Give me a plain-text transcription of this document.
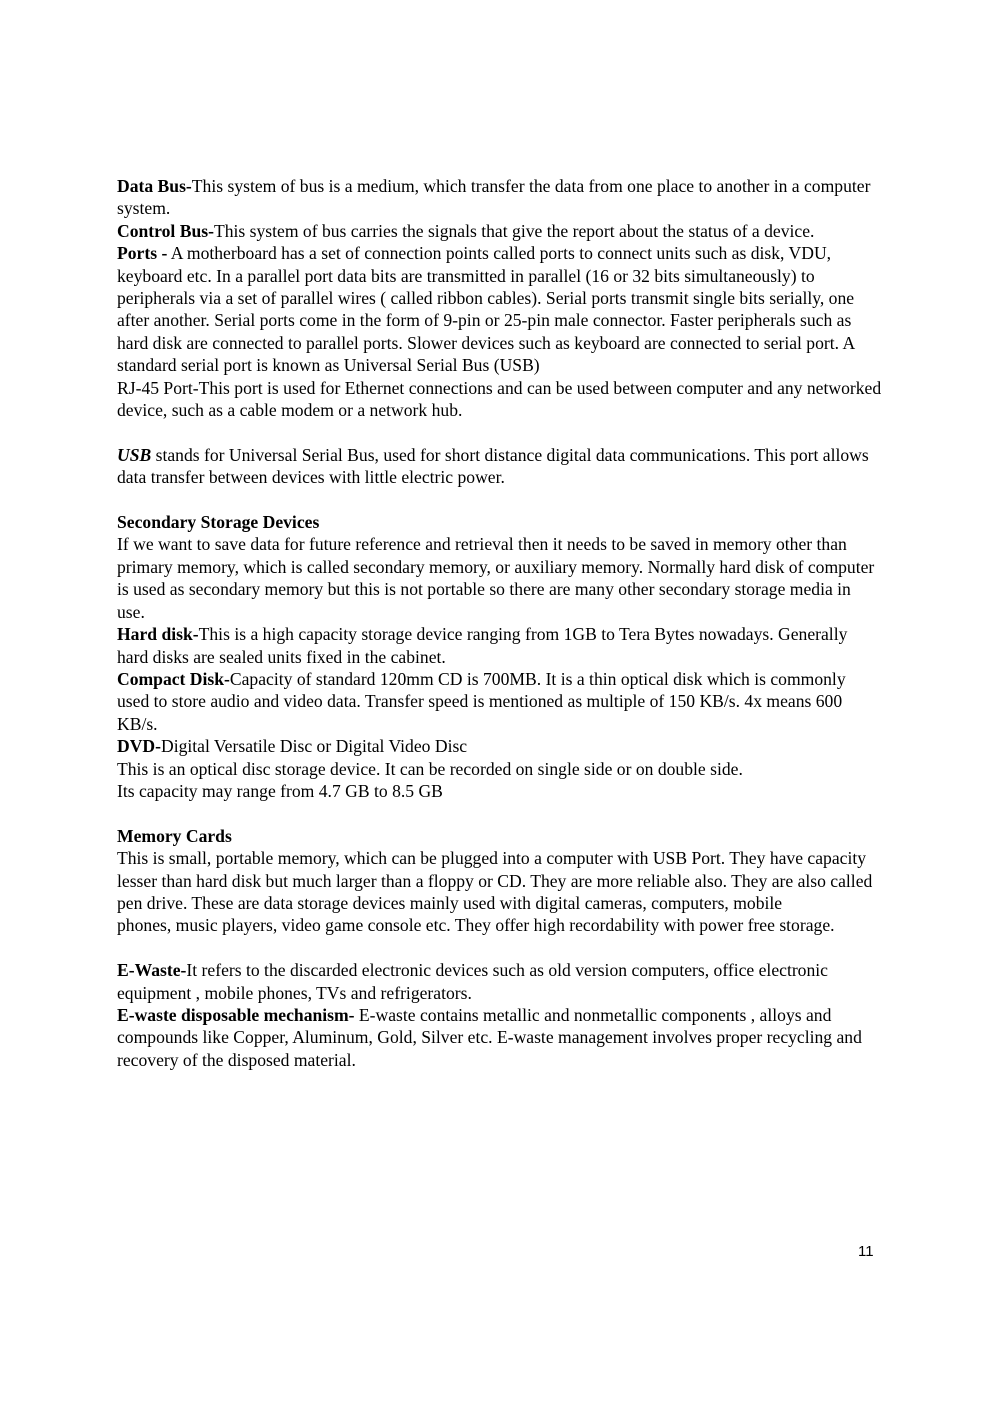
Data Bus-This system of bus is a medium, which transfer the data from one place to another in a computer system.

Control Bus-This system of bus carries the signals that give the report about the status of a device.

Ports - A motherboard has a set of connection points called ports to connect units such as disk, VDU, keyboard etc. In a parallel port data bits are transmitted in parallel (16 or 32 bits simultaneously) to peripherals via a set of parallel wires ( called ribbon cables). Serial ports transmit single bits serially, one after another. Serial ports come in the form of 9-pin or 25-pin male connector. Faster peripherals such as hard disk are connected to parallel ports. Slower devices such as keyboard are connected to serial port. A standard serial port is known as Universal Serial Bus (USB)

RJ-45 Port-This port is used for Ethernet connections and can be used between computer and any networked device, such as a cable modem or a network hub.

USB stands for Universal Serial Bus, used for short distance digital data communications. This port allows data transfer between devices with little electric power.

Secondary Storage Devices

If we want to save data for future reference and retrieval then it needs to be saved in memory other than primary memory, which is called secondary memory, or auxiliary memory. Normally hard disk of computer is used as secondary memory but this is not portable so there are many other secondary storage media in use.

Hard disk-This is a high capacity storage device ranging from 1GB to Tera Bytes nowadays. Generally hard disks are sealed units fixed in the cabinet.

Compact Disk-Capacity of standard 120mm CD is 700MB. It is a thin optical disk which is commonly used to store audio and video data. Transfer speed is mentioned as multiple of 150 KB/s. 4x means 600 KB/s.

DVD-Digital Versatile Disc or Digital Video Disc

This is an optical disc storage device. It can be recorded on single side or on double side.

Its capacity may range from 4.7 GB to 8.5 GB

Memory Cards

This is small, portable memory, which can be plugged into a computer with USB Port. They have capacity lesser than hard disk but much larger than a floppy or CD. They are more reliable also. They are also called pen drive. These are data storage devices mainly used with digital cameras, computers, mobile

phones, music players, video game console etc. They offer high recordability with power free storage.

E-Waste-It refers to the discarded electronic devices such as old version computers, office electronic equipment , mobile phones, TVs and refrigerators.

E-waste disposable mechanism- E-waste contains metallic and nonmetallic components , alloys and compounds like Copper, Aluminum, Gold, Silver etc. E-waste management involves proper recycling and recovery of the disposed material.

11
